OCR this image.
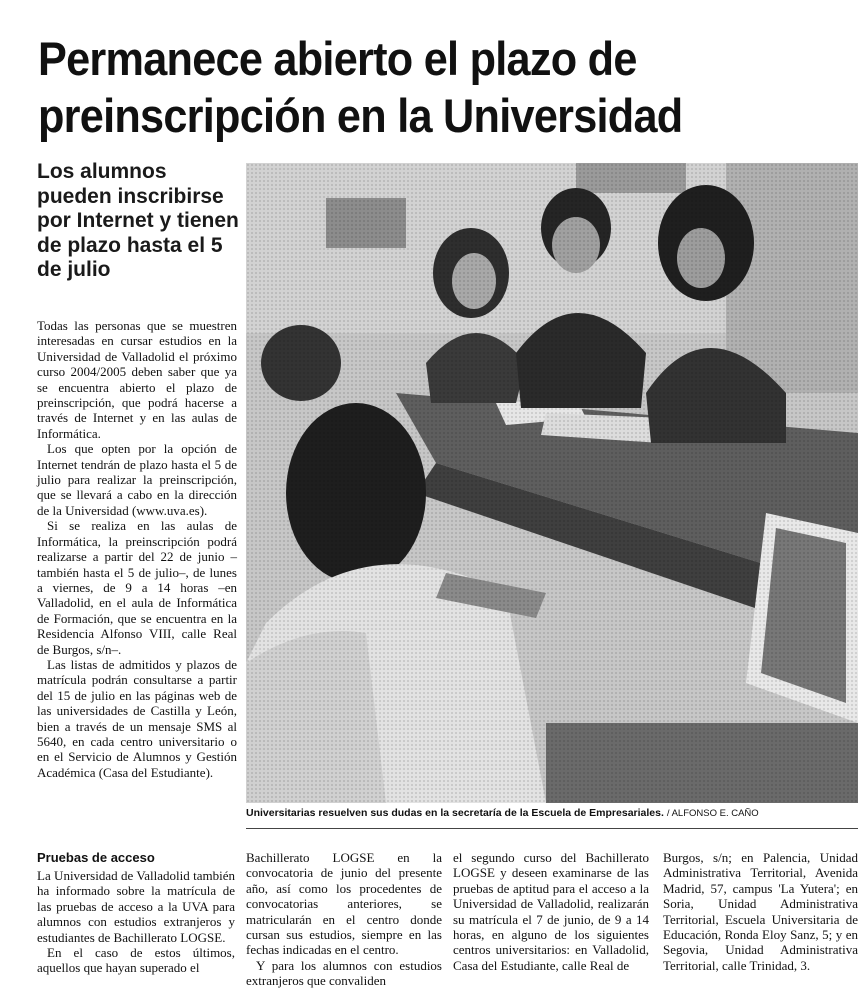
Permanece abierto el plazo de preinscripción en la Universidad
Los alumnos pueden inscribirse por Internet y tienen de plazo hasta el 5 de julio

Todas las personas que se muestren interesadas en cursar estudios en la Universidad de Valladolid el próximo curso 2004/2005 deben saber que ya se encuentra abierto el plazo de preinscripción, que podrá hacerse a través de Internet y en las aulas de Informática.

Los que opten por la opción de Internet tendrán de plazo hasta el 5 de julio para realizar la preinscripción, que se llevará a cabo en la dirección de la Universidad (www.uva.es).

Si se realiza en las aulas de Informática, la preinscripción podrá realizarse a partir del 22 de junio –también hasta el 5 de julio–, de lunes a viernes, de 9 a 14 horas –en Valladolid, en el aula de Informática de Formación, que se encuentra en la Residencia Alfonso VIII, calle Real de Burgos, s/n–.

Las listas de admitidos y plazos de matrícula podrán consultarse a partir del 15 de julio en las páginas web de las universidades de Castilla y León, bien a través de un mensaje SMS al 5640, en cada centro universitario o en el Servicio de Alumnos y Gestión Académica (Casa del Estudiante).

Universitarias resuelven sus dudas en la secretaría de la Escuela de Empresariales. / ALFONSO E. CAÑO

Pruebas de acceso

La Universidad de Valladolid también ha informado sobre la matrícula de las pruebas de acceso a la UVA para alumnos con estudios extranjeros y estudiantes de Bachillerato LOGSE.

En el caso de estos últimos, aquellos que hayan superado el

Bachillerato LOGSE en la convocatoria de junio del presente año, así como los procedentes de convocatorias anteriores, se matricularán en el centro donde cursan sus estudios, siempre en las fechas indicadas en el centro.

Y para los alumnos con estudios extranjeros que convaliden

el segundo curso del Bachillerato LOGSE y deseen examinarse de las pruebas de aptitud para el acceso a la Universidad de Valladolid, realizarán su matrícula el 7 de junio, de 9 a 14 horas, en alguno de los siguientes centros universitarios: en Valladolid, Casa del Estudiante, calle Real de

Burgos, s/n; en Palencia, Unidad Administrativa Territorial, Avenida Madrid, 57, campus 'La Yutera'; en Soria, Unidad Administrativa Territorial, Escuela Universitaria de Educación, Ronda Eloy Sanz, 5; y en Segovia, Unidad Administrativa Territorial, calle Trinidad, 3.
